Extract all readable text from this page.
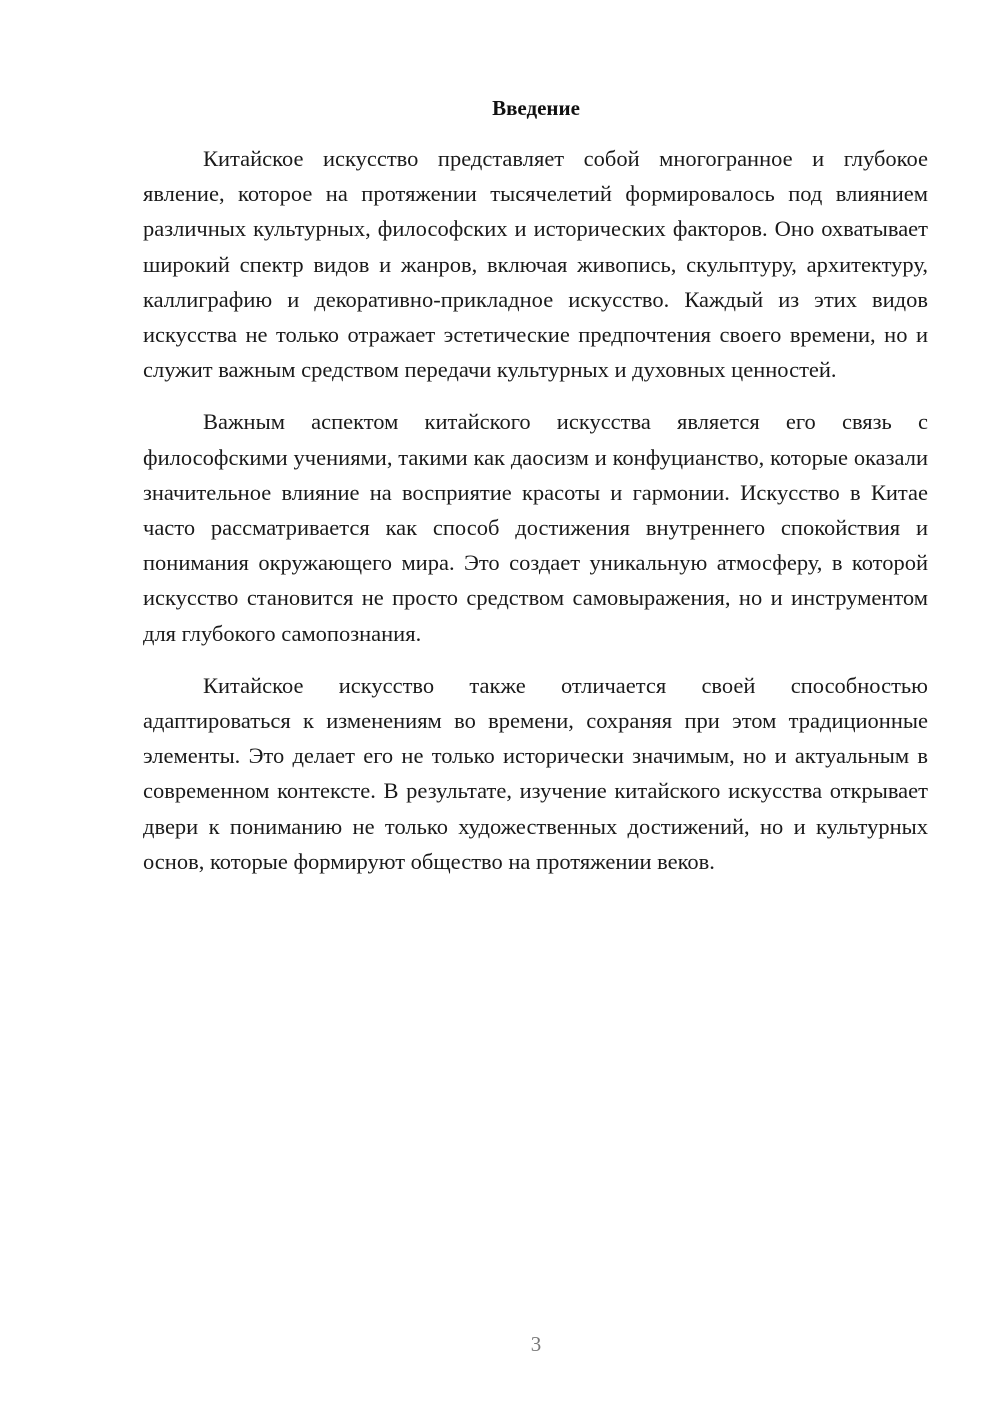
Введение

Китайское искусство представляет собой многогранное и глубокое явление, которое на протяжении тысячелетий формировалось под влиянием различных культурных, философских и исторических факторов. Оно охватывает широкий спектр видов и жанров, включая живопись, скульптуру, архитектуру, каллиграфию и декоративно-прикладное искусство. Каждый из этих видов искусства не только отражает эстетические предпочтения своего времени, но и служит важным средством передачи культурных и духовных ценностей.

Важным аспектом китайского искусства является его связь с философскими учениями, такими как даосизм и конфуцианство, которые оказали значительное влияние на восприятие красоты и гармонии. Искусство в Китае часто рассматривается как способ достижения внутреннего спокойствия и понимания окружающего мира. Это создает уникальную атмосферу, в которой искусство становится не просто средством самовыражения, но и инструментом для глубокого самопознания.

Китайское искусство также отличается своей способностью адаптироваться к изменениям во времени, сохраняя при этом традиционные элементы. Это делает его не только исторически значимым, но и актуальным в современном контексте. В результате, изучение китайского искусства открывает двери к пониманию не только художественных достижений, но и культурных основ, которые формируют общество на протяжении веков.

3
